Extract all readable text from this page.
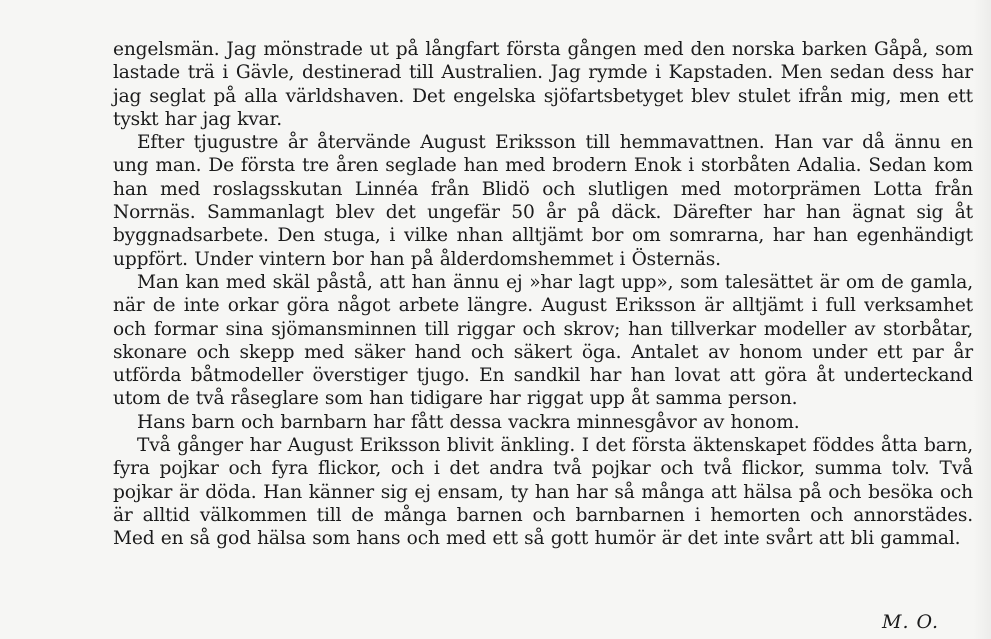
engelsmän. Jag mönstrade ut på långfart första gången med den norska barken Gåpå, som lastade trä i Gävle, destinerad till Australien. Jag rymde i Kapstaden. Men sedan dess har jag seglat på alla världshaven. Det engelska sjöfartsbetyget blev stulet ifrån mig, men ett tyskt har jag kvar.

Efter tjugustre år återvände August Eriksson till hemmavattnen. Han var då ännu en ung man. De första tre åren seglade han med brodern Enok i storbåten Adalia. Sedan kom han med roslagsskutan Linnéa från Blidö och slutligen med motorprämen Lotta från Norrnäs. Sammanlagt blev det ungefär 50 år på däck. Därefter har han ägnat sig åt byggnadsarbete. Den stuga, i vilke nhan alltjämt bor om somrarna, har han egenhändigt uppfört. Under vintern bor han på ålderdomshemmet i Östernäs.

Man kan med skäl påstå, att han ännu ej »har lagt upp», som talesättet är om de gamla, när de inte orkar göra något arbete längre. August Eriksson är alltjämt i full verksamhet och formar sina sjömansminnen till riggar och skrov; han tillverkar modeller av storbåtar, skonare och skepp med säker hand och säkert öga. Antalet av honom under ett par år utförda båtmodeller överstiger tjugo. En sandkil har han lovat att göra åt underteckand utom de två råseglare som han tidigare har riggat upp åt samma person.

Hans barn och barnbarn har fått dessa vackra minnesgåvor av honom.

Två gånger har August Eriksson blivit änkling. I det första äktenskapet föddes åtta barn, fyra pojkar och fyra flickor, och i det andra två pojkar och två flickor, summa tolv. Två pojkar är döda. Han känner sig ej ensam, ty han har så många att hälsa på och besöka och är alltid välkommen till de många barnen och barnbarnen i hemorten och annorstädes. Med en så god hälsa som hans och med ett så gott humör är det inte svårt att bli gammal.

M. O.
